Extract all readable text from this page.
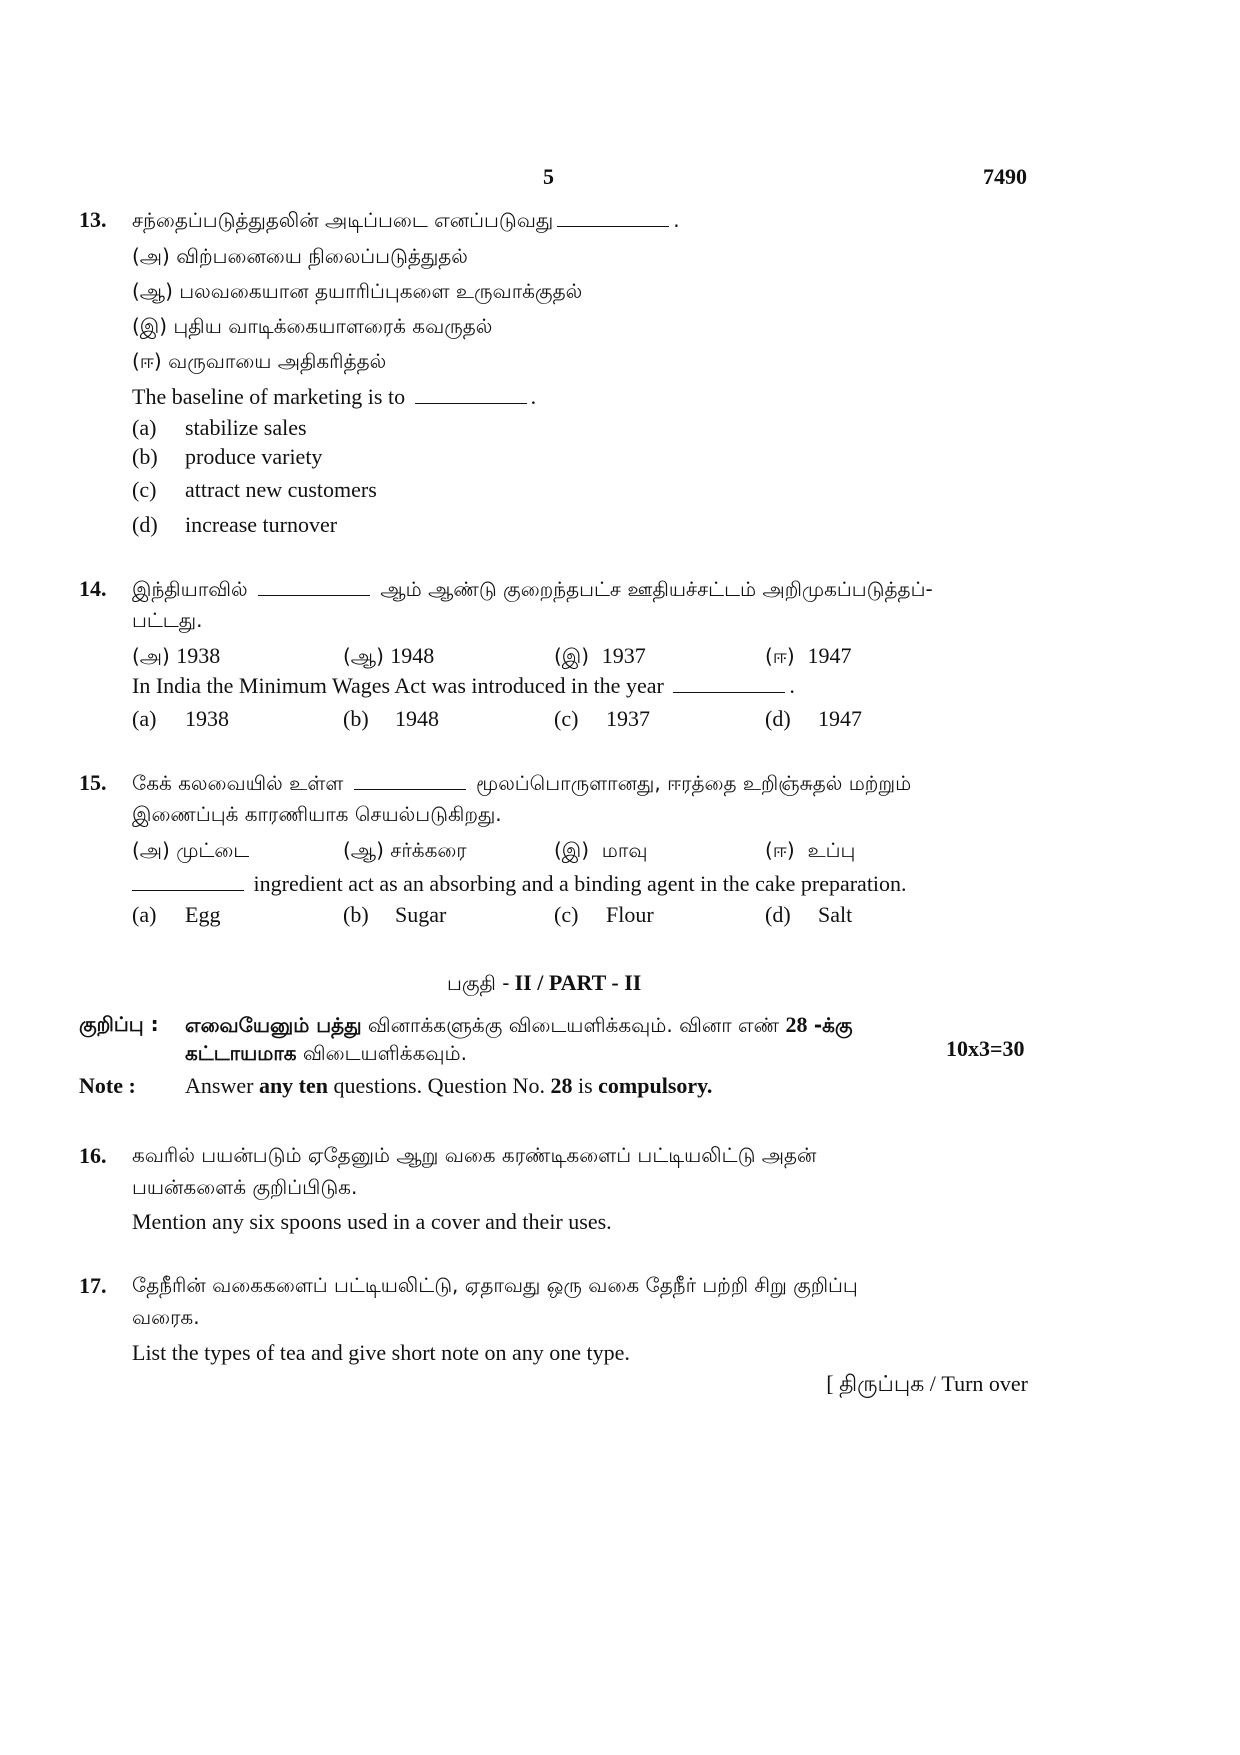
5	7490
13. சந்தைப்படுத்துதலின் அடிப்படை எனப்படுவது	.
(அ) விற்பனையை நிலைப்படுத்துதல்
(ஆ) பலவகையான தயாரிப்புகளை உருவாக்குதல்
(இ) புதிய வாடிக்கையாளரைக் கவருதல்
(ஈ) வருவாயை அதிகரித்தல்
The baseline of marketing is to	.
(a) stabilize sales
(b) produce variety
(c) attract new customers
(d) increase turnover
14. இந்தியாவில்	ஆம் ஆண்டு குறைந்தபட்ச ஊதியச்சட்டம் அறிமுகப்படுத்தப்-
பட்டது.
(அ) 1938	(ஆ) 1948	(இ) 1937	(ஈ) 1947
In India the Minimum Wages Act was introduced in the year	.
(a) 1938	(b) 1948	(c) 1937	(d) 1947
15. கேக் கலவையில் உள்ள	மூலப்பொருளானது, ஈரத்தை உறிஞ்சுதல் மற்றும்
இணைப்புக் காரணியாக செயல்படுகிறது.
(அ) முட்டை	(ஆ) சர்க்கரை	(இ) மாவு	(ஈ) உப்பு
ingredient act as an absorbing and a binding agent in the cake preparation.
(a) Egg	(b) Sugar	(c) Flour	(d) Salt
பகுதி - II / PART - II
குறிப்பு : எவையேனும் பத்து வினாக்களுக்கு விடையளிக்கவும். வினா எண் 28 -க்கு
கட்டாயமாக விடையளிக்கவும்.	10x3=30
Note : Answer any ten questions. Question No. 28 is compulsory.
16. கவரில் பயன்படும் ஏதேனும் ஆறு வகை கரண்டிகளைப் பட்டியலிட்டு அதன்
பயன்களைக் குறிப்பிடுக.
Mention any six spoons used in a cover and their uses.
17. தேநீரின் வகைகளைப் பட்டியலிட்டு, ஏதாவது ஒரு வகை தேநீர் பற்றி சிறு குறிப்பு
வரைக.
List the types of tea and give short note on any one type.
[ திருப்புக / Turn over
